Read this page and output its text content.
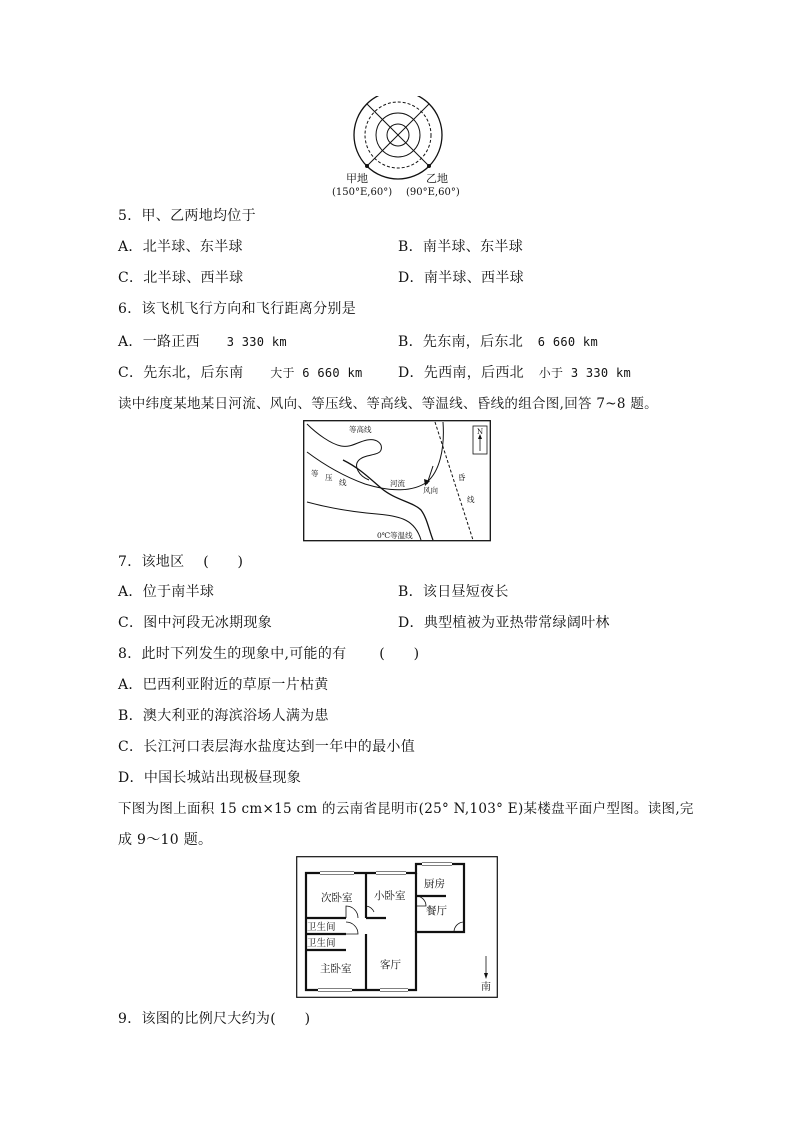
甲地	乙地
(150°E,60°) (90°E,60°)
5．甲、乙两地均位于
A．北半球、东半球	B．南半球、东半球
C．北半球、西半球	D．南半球、西半球
6．该飞机飞行方向和飞行距离分别是
A．一路正西 3 330 km	B．先东南，后东北 6 660 km
C．先东北，后东南 大于 6 660 km	D．先西南，后西北 小于 3 330 km
读中纬度某地某日河流、风向、等压线、等高线、等温线、昏线的组合图,回答 7~8 题。
N
等高线
等 压
线	河流
风向
昏
线
0℃等温线
7．该地区 (　　)
A．位于南半球	B．该日昼短夜长
C．图中河段无冰期现象	D．典型植被为亚热带常绿阔叶林
8．此时下列发生的现象中,可能的有 (　　)
A．巴西利亚附近的草原一片枯黄
B．澳大利亚的海滨浴场人满为患
C．长江河口表层海水盐度达到一年中的最小值
D．中国长城站出现极昼现象
下图为图上面积 15 cm×15 cm 的云南省昆明市(25° N,103° E)某楼盘平面户型图。读图,完
成 9～10 题。
次卧室 小卧室
厨房
餐厅
卫生间
卫生间
主卧室	客厅
南
9．该图的比例尺大约为(　　)
